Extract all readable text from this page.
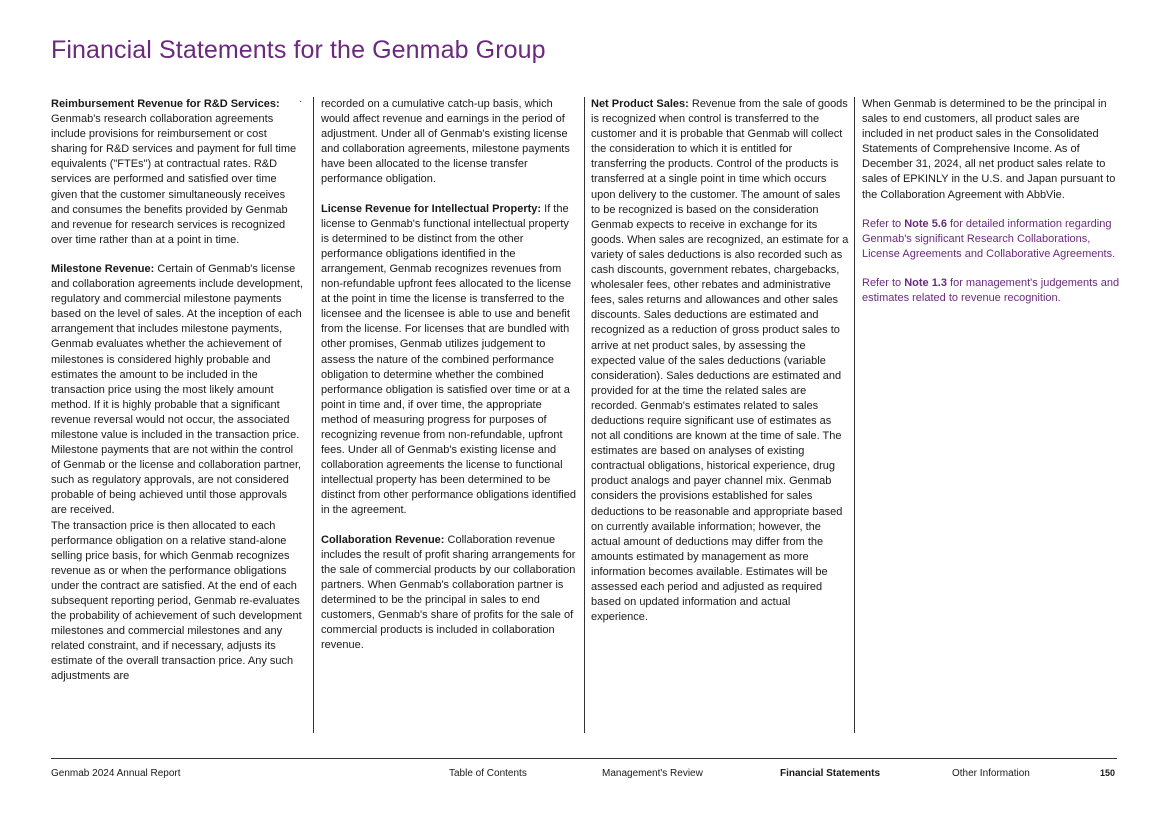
Financial Statements for the Genmab Group
·

Reimbursement Revenue for R&D Services:
Genmab's research collaboration agreements include provisions for reimbursement or cost sharing for R&D services and payment for full time equivalents ("FTEs") at contractual rates. R&D services are performed and satisfied over time given that the customer simultaneously receives and consumes the benefits provided by Genmab and revenue for research services is recognized over time rather than at a point in time.

Milestone Revenue: Certain of Genmab's license and collaboration agreements include development, regulatory and commercial milestone payments based on the level of sales. At the inception of each arrangement that includes milestone payments, Genmab evaluates whether the achievement of milestones is considered highly probable and estimates the amount to be included in the transaction price using the most likely amount method. If it is highly probable that a significant revenue reversal would not occur, the associated milestone value is included in the transaction price. Milestone payments that are not within the control of Genmab or the license and collaboration partner, such as regulatory approvals, are not considered probable of being achieved until those approvals are received.

The transaction price is then allocated to each performance obligation on a relative stand-alone selling price basis, for which Genmab recognizes revenue as or when the performance obligations under the contract are satisfied. At the end of each subsequent reporting period, Genmab re-evaluates the probability of achievement of such development milestones and commercial milestones and any related constraint, and if necessary, adjusts its estimate of the overall transaction price. Any such adjustments are

recorded on a cumulative catch-up basis, which would affect revenue and earnings in the period of adjustment. Under all of Genmab's existing license and collaboration agreements, milestone payments have been allocated to the license transfer performance obligation.

License Revenue for Intellectual Property: If the license to Genmab's functional intellectual property is determined to be distinct from the other performance obligations identified in the arrangement, Genmab recognizes revenues from non-refundable upfront fees allocated to the license at the point in time the license is transferred to the licensee and the licensee is able to use and benefit from the license. For licenses that are bundled with other promises, Genmab utilizes judgement to assess the nature of the combined performance obligation to determine whether the combined performance obligation is satisfied over time or at a point in time and, if over time, the appropriate method of measuring progress for purposes of recognizing revenue from non-refundable, upfront fees. Under all of Genmab's existing license and collaboration agreements the license to functional intellectual property has been determined to be distinct from other performance obligations identified in the agreement.

Collaboration Revenue: Collaboration revenue includes the result of profit sharing arrangements for the sale of commercial products by our collaboration partners. When Genmab's collaboration partner is determined to be the principal in sales to end customers, Genmab's share of profits for the sale of commercial products is included in collaboration revenue.

Net Product Sales: Revenue from the sale of goods is recognized when control is transferred to the customer and it is probable that Genmab will collect the consideration to which it is entitled for transferring the products. Control of the products is transferred at a single point in time which occurs upon delivery to the customer. The amount of sales to be recognized is based on the consideration Genmab expects to receive in exchange for its goods. When sales are recognized, an estimate for a variety of sales deductions is also recorded such as cash discounts, government rebates, chargebacks, wholesaler fees, other rebates and administrative fees, sales returns and allowances and other sales discounts. Sales deductions are estimated and recognized as a reduction of gross product sales to arrive at net product sales, by assessing the expected value of the sales deductions (variable consideration). Sales deductions are estimated and provided for at the time the related sales are recorded. Genmab's estimates related to sales deductions require significant use of estimates as not all conditions are known at the time of sale. The estimates are based on analyses of existing contractual obligations, historical experience, drug product analogs and payer channel mix. Genmab considers the provisions established for sales deductions to be reasonable and appropriate based on currently available information; however, the actual amount of deductions may differ from the amounts estimated by management as more information becomes available. Estimates will be assessed each period and adjusted as required based on updated information and actual experience.

When Genmab is determined to be the principal in sales to end customers, all product sales are included in net product sales in the Consolidated Statements of Comprehensive Income. As of December 31, 2024, all net product sales relate to sales of EPKINLY in the U.S. and Japan pursuant to the Collaboration Agreement with AbbVie.

Refer to Note 5.6 for detailed information regarding Genmab's significant Research Collaborations, License Agreements and Collaborative Agreements.

Refer to Note 1.3 for management's judgements and estimates related to revenue recognition.

Genmab 2024 Annual Report	Table of Contents	Management's Review	Financial Statements	Other Information	150
